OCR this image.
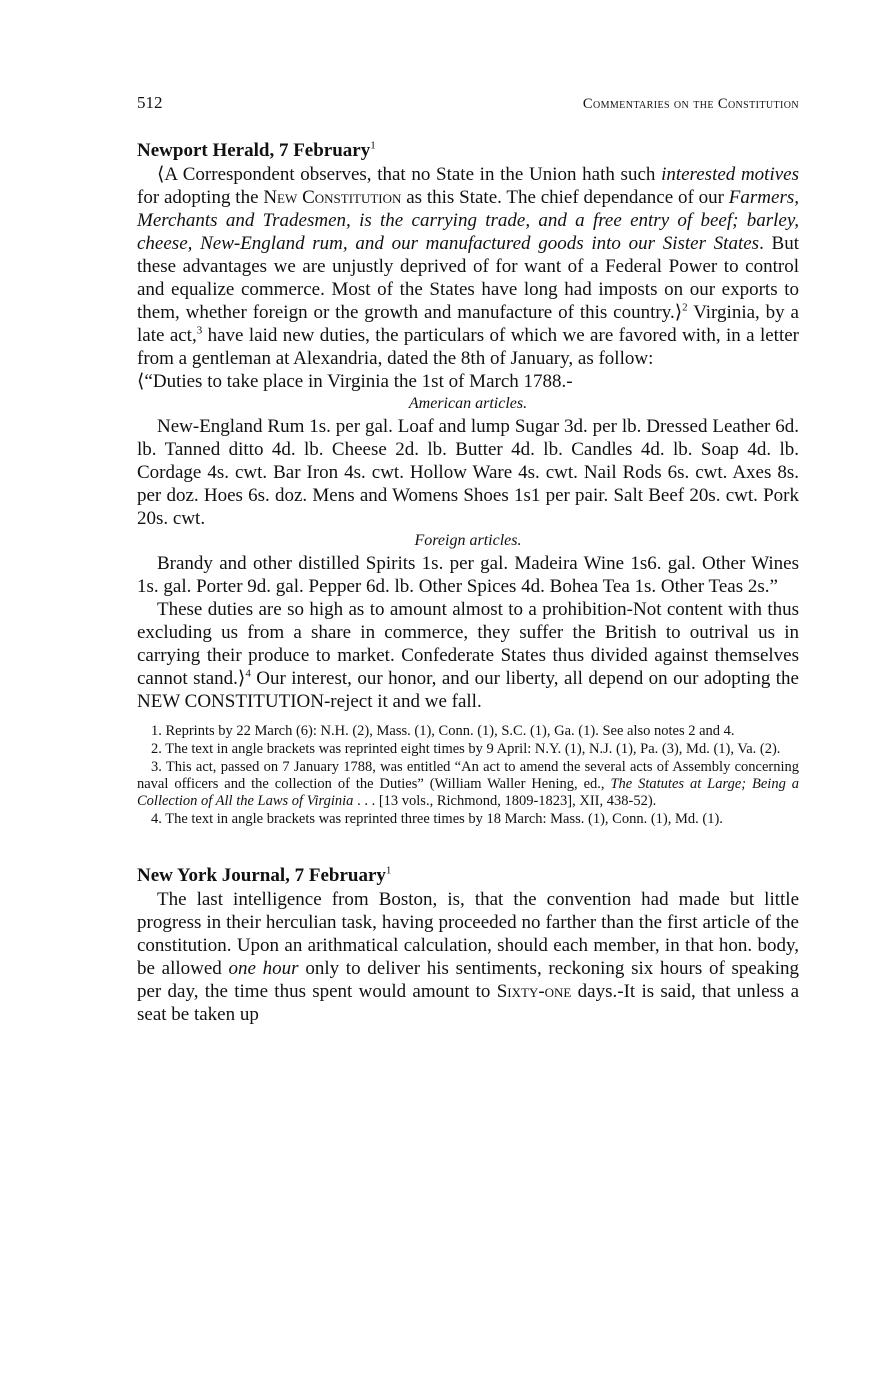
512	Commentaries on the Constitution
Newport Herald, 7 February$^1$

⟨A Correspondent observes, that no State in the Union hath such interested motives for adopting the New Constitution as this State. The chief dependance of our Farmers, Merchants and Tradesmen, is the carrying trade, and a free entry of beef; barley, cheese, New-England rum, and our manufactured goods into our Sister States. But these advantages we are unjustly deprived of for want of a Federal Power to control and equalize commerce. Most of the States have long had imposts on our exports to them, whether foreign or the growth and manufacture of this country.⟩$^2$ Virginia, by a late act,$^3$ have laid new duties, the particulars of which we are favored with, in a letter from a gentleman at Alexandria, dated the 8th of January, as follow:

⟨“Duties to take place in Virginia the 1st of March 1788.-

American articles.

New-England Rum 1s. per gal. Loaf and lump Sugar 3d. per lb. Dressed Leather 6d. lb. Tanned ditto 4d. lb. Cheese 2d. lb. Butter 4d. lb. Candles 4d. lb. Soap 4d. lb. Cordage 4s. cwt. Bar Iron 4s. cwt. Hollow Ware 4s. cwt. Nail Rods 6s. cwt. Axes 8s. per doz. Hoes 6s. doz. Mens and Womens Shoes 1s1 per pair. Salt Beef 20s. cwt. Pork 20s. cwt.

Foreign articles.

Brandy and other distilled Spirits 1s. per gal. Madeira Wine 1s6. gal. Other Wines 1s. gal. Porter 9d. gal. Pepper 6d. lb. Other Spices 4d. Bohea Tea 1s. Other Teas 2s.”

These duties are so high as to amount almost to a prohibition-Not content with thus excluding us from a share in commerce, they suffer the British to outrival us in carrying their produce to market. Confederate States thus divided against themselves cannot stand.⟩$^4$ Our interest, our honor, and our liberty, all depend on our adopting the NEW CONSTITUTION-reject it and we fall.

1. Reprints by 22 March (6): N.H. (2), Mass. (1), Conn. (1), S.C. (1), Ga. (1). See also notes 2 and 4.

2. The text in angle brackets was reprinted eight times by 9 April: N.Y. (1), N.J. (1), Pa. (3), Md. (1), Va. (2).

3. This act, passed on 7 January 1788, was entitled “An act to amend the several acts of Assembly concerning naval officers and the collection of the Duties” (William Waller Hening, ed., The Statutes at Large; Being a Collection of All the Laws of Virginia . . . [13 vols., Richmond, 1809-1823], XII, 438-52).

4. The text in angle brackets was reprinted three times by 18 March: Mass. (1), Conn. (1), Md. (1).

New York Journal, 7 February$^1$

The last intelligence from Boston, is, that the convention had made but little progress in their herculian task, having proceeded no farther than the first article of the constitution. Upon an arithmatical calculation, should each member, in that hon. body, be allowed one hour only to deliver his sentiments, reckoning six hours of speaking per day, the time thus spent would amount to Sixty-one days.-It is said, that unless a seat be taken up
